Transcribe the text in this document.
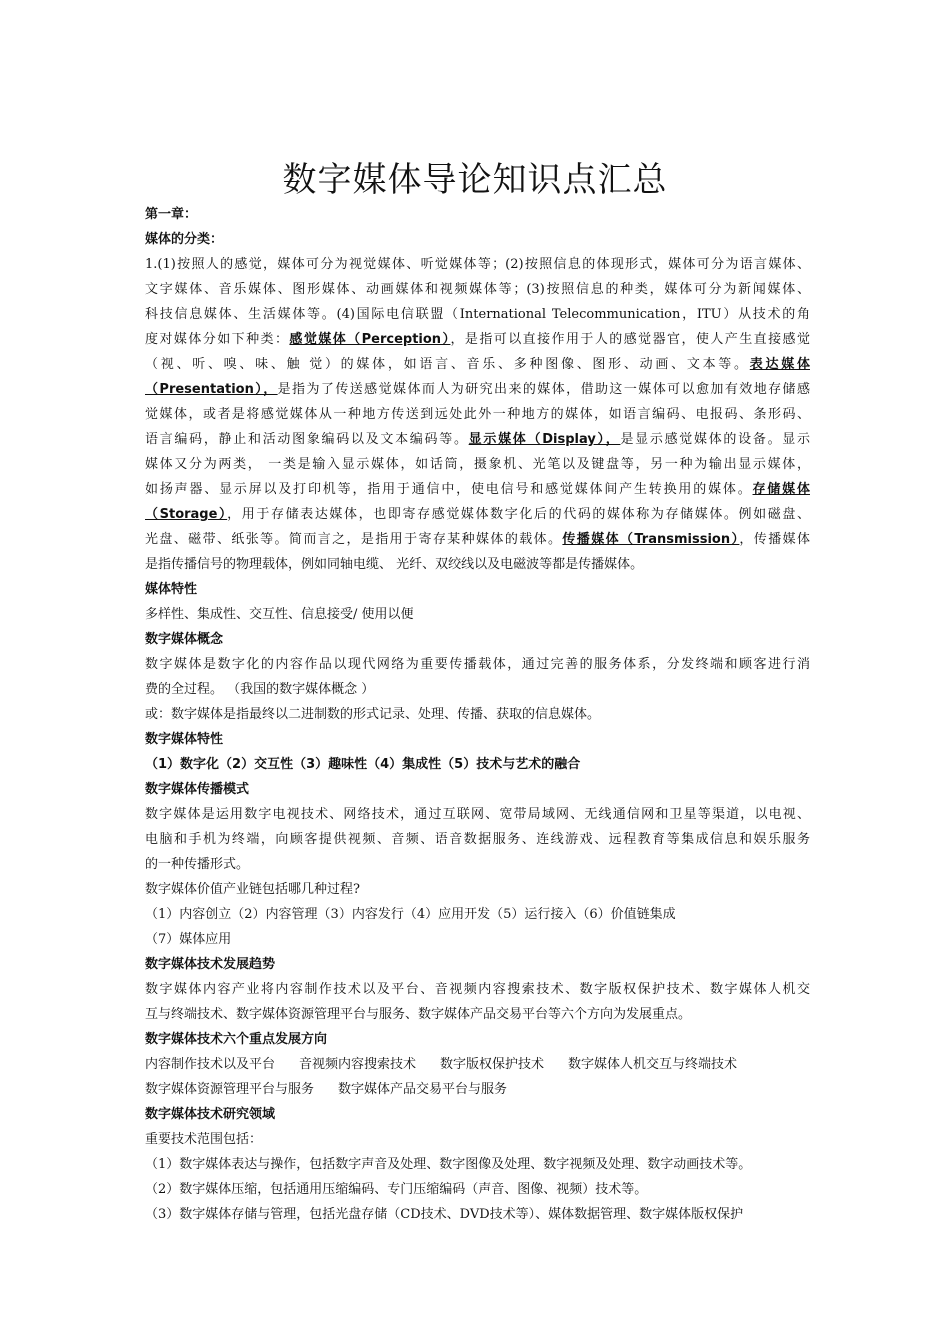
数字媒体导论知识点汇总
第一章：
媒体的分类：
1.(1)按照人的感觉，媒体可分为视觉媒体、听觉媒体等；(2)按照信息的体现形式，媒体可分为语言媒体、
文字媒体、音乐媒体、图形媒体、动画媒体和视频媒体等；(3)按照信息的种类，媒体可分为新闻媒体、
科技信息媒体、生活媒体等。(4)国际电信联盟（International Telecommunication，ITU）从技术的角
度对媒体分如下种类：感觉媒体（Perception），是指可以直接作用于人的感觉器官，使人产生直接感觉
（视、听、嗅、味、触 觉）的媒体，如语言、音乐、多种图像、图形、动画、文本等。表达媒体
（Presentation），是指为了传送感觉媒体而人为研究出来的媒体，借助这一媒体可以愈加有效地存储感
觉媒体，或者是将感觉媒体从一种地方传送到远处此外一种地方的媒体，如语言编码、电报码、条形码、
语言编码，静止和活动图象编码以及文本编码等。显示媒体（Display），是显示感觉媒体的设备。显示
媒体又分为两类， 一类是输入显示媒体，如话筒，摄象机、光笔以及键盘等，另一种为输出显示媒体，
如扬声器、显示屏以及打印机等，指用于通信中，使电信号和感觉媒体间产生转换用的媒体。存储媒体
（Storage），用于存储表达媒体，也即寄存感觉媒体数字化后的代码的媒体称为存储媒体。例如磁盘、
光盘、磁带、纸张等。简而言之，是指用于寄存某种媒体的载体。传播媒体（Transmission），传播媒体
是指传播信号的物理载体，例如同轴电缆、 光纤、双绞线以及电磁波等都是传播媒体。
媒体特性
多样性、集成性、交互性、信息接受/ 使用以便
数字媒体概念
数字媒体是数字化的内容作品以现代网络为重要传播载体，通过完善的服务体系，分发终端和顾客进行消
费的全过程。 （我国的数字媒体概念 ）
或：数字媒体是指最终以二进制数的形式记录、处理、传播、获取的信息媒体。
数字媒体特性
（1）数字化（2）交互性（3）趣味性（4）集成性（5）技术与艺术的融合
数字媒体传播模式
数字媒体是运用数字电视技术、网络技术，通过互联网、宽带局域网、无线通信网和卫星等渠道，以电视、
电脑和手机为终端，向顾客提供视频、音频、语音数据服务、连线游戏、远程教育等集成信息和娱乐服务
的一种传播形式。
数字媒体价值产业链包括哪几种过程?
（1）内容创立（2）内容管理（3）内容发行（4）应用开发（5）运行接入（6）价值链集成
（7）媒体应用
数字媒体技术发展趋势
数字媒体内容产业将内容制作技术以及平台、音视频内容搜索技术、数字版权保护技术、数字媒体人机交
互与终端技术、数字媒体资源管理平台与服务、数字媒体产品交易平台等六个方向为发展重点。
数字媒体技术六个重点发展方向
内容制作技术以及平台 音视频内容搜索技术 数字版权保护技术 数字媒体人机交互与终端技术
数字媒体资源管理平台与服务 数字媒体产品交易平台与服务
数字媒体技术研究领域
重要技术范围包括：
（1）数字媒体表达与操作，包括数字声音及处理、数字图像及处理、数字视频及处理、数字动画技术等。
（2）数字媒体压缩，包括通用压缩编码、专门压缩编码（声音、图像、视频）技术等。
（3）数字媒体存储与管理，包括光盘存储（CD技术、DVD技术等）、媒体数据管理、数字媒体版权保护
